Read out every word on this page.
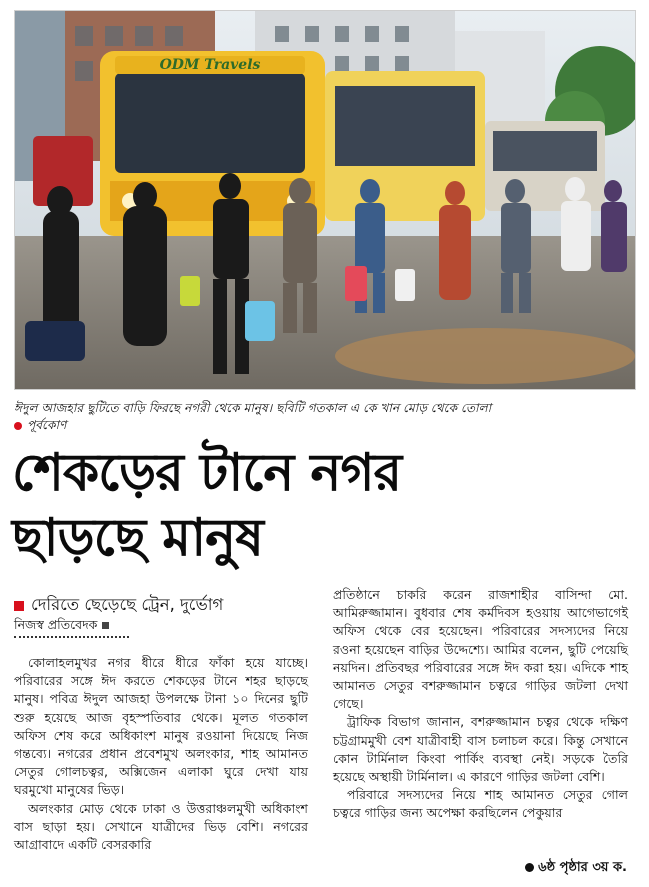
ODM Travels
ঈদুল আজহার ছুটিতে বাড়ি ফিরছে নগরী থেকে মানুষ। ছবিটি গতকাল এ কে খান মোড় থেকে তোলা
পূর্বকোণ
শেকড়ের টানে নগর
ছাড়ছে মানুষ
দেরিতে ছেড়েছে ট্রেন, দুর্ভোগ
নিজস্ব প্রতিবেদক

কোলাহলমুখর নগর ধীরে ধীরে ফাঁকা হয়ে যাচ্ছে। পরিবারের সঙ্গে ঈদ করতে শেকড়ের টানে শহর ছাড়ছে মানুষ। পবিত্র ঈদুল আজহা উপলক্ষে টানা ১০ দিনের ছুটি শুরু হয়েছে আজ বৃহস্পতিবার থেকে। মূলত গতকাল অফিস শেষ করে অধিকাংশ মানুষ রওয়ানা দিয়েছে নিজ গন্তব্যে। নগরের প্রধান প্রবেশমুখ অলংকার, শাহ আমানত সেতুর গোলচত্বর, অক্সিজেন এলাকা ঘুরে দেখা যায় ঘরমুখো মানুষের ভিড়।

অলংকার মোড় থেকে ঢাকা ও উত্তরাঞ্চলমুখী অধিকাংশ বাস ছাড়া হয়। সেখানে যাত্রীদের ভিড় বেশি। নগরের আগ্রাবাদে একটি বেসরকারি

প্রতিষ্ঠানে চাকরি করেন রাজশাহীর বাসিন্দা মো. আমিরুজ্জামান। বুধবার শেষ কর্মদিবস হওয়ায় আগেভাগেই অফিস থেকে বের হয়েছেন। পরিবারের সদস্যদের নিয়ে রওনা হয়েছেন বাড়ির উদ্দেশ্যে। আমির বলেন, ছুটি পেয়েছি নয়দিন। প্রতিবছর পরিবারের সঙ্গে ঈদ করা হয়। এদিকে শাহ আমানত সেতুর বশরুজ্জামান চত্বরে গাড়ির জটলা দেখা গেছে।

ট্রাফিক বিভাগ জানান, বশরুজ্জামান চত্বর থেকে দক্ষিণ চট্টগ্রামমুখী বেশ যাত্রীবাহী বাস চলাচল করে। কিন্তু সেখানে কোন টার্মিনাল কিংবা পার্কিং ব্যবস্থা নেই। সড়কে তৈরি হয়েছে অস্থায়ী টার্মিনাল। এ কারণে গাড়ির জটলা বেশি।

পরিবারে সদস্যদের নিয়ে শাহ আমানত সেতুর গোল চত্বরে গাড়ির জন্য অপেক্ষা করছিলেন পেকুয়ার

৬ষ্ঠ পৃষ্ঠার ৩য় ক.
